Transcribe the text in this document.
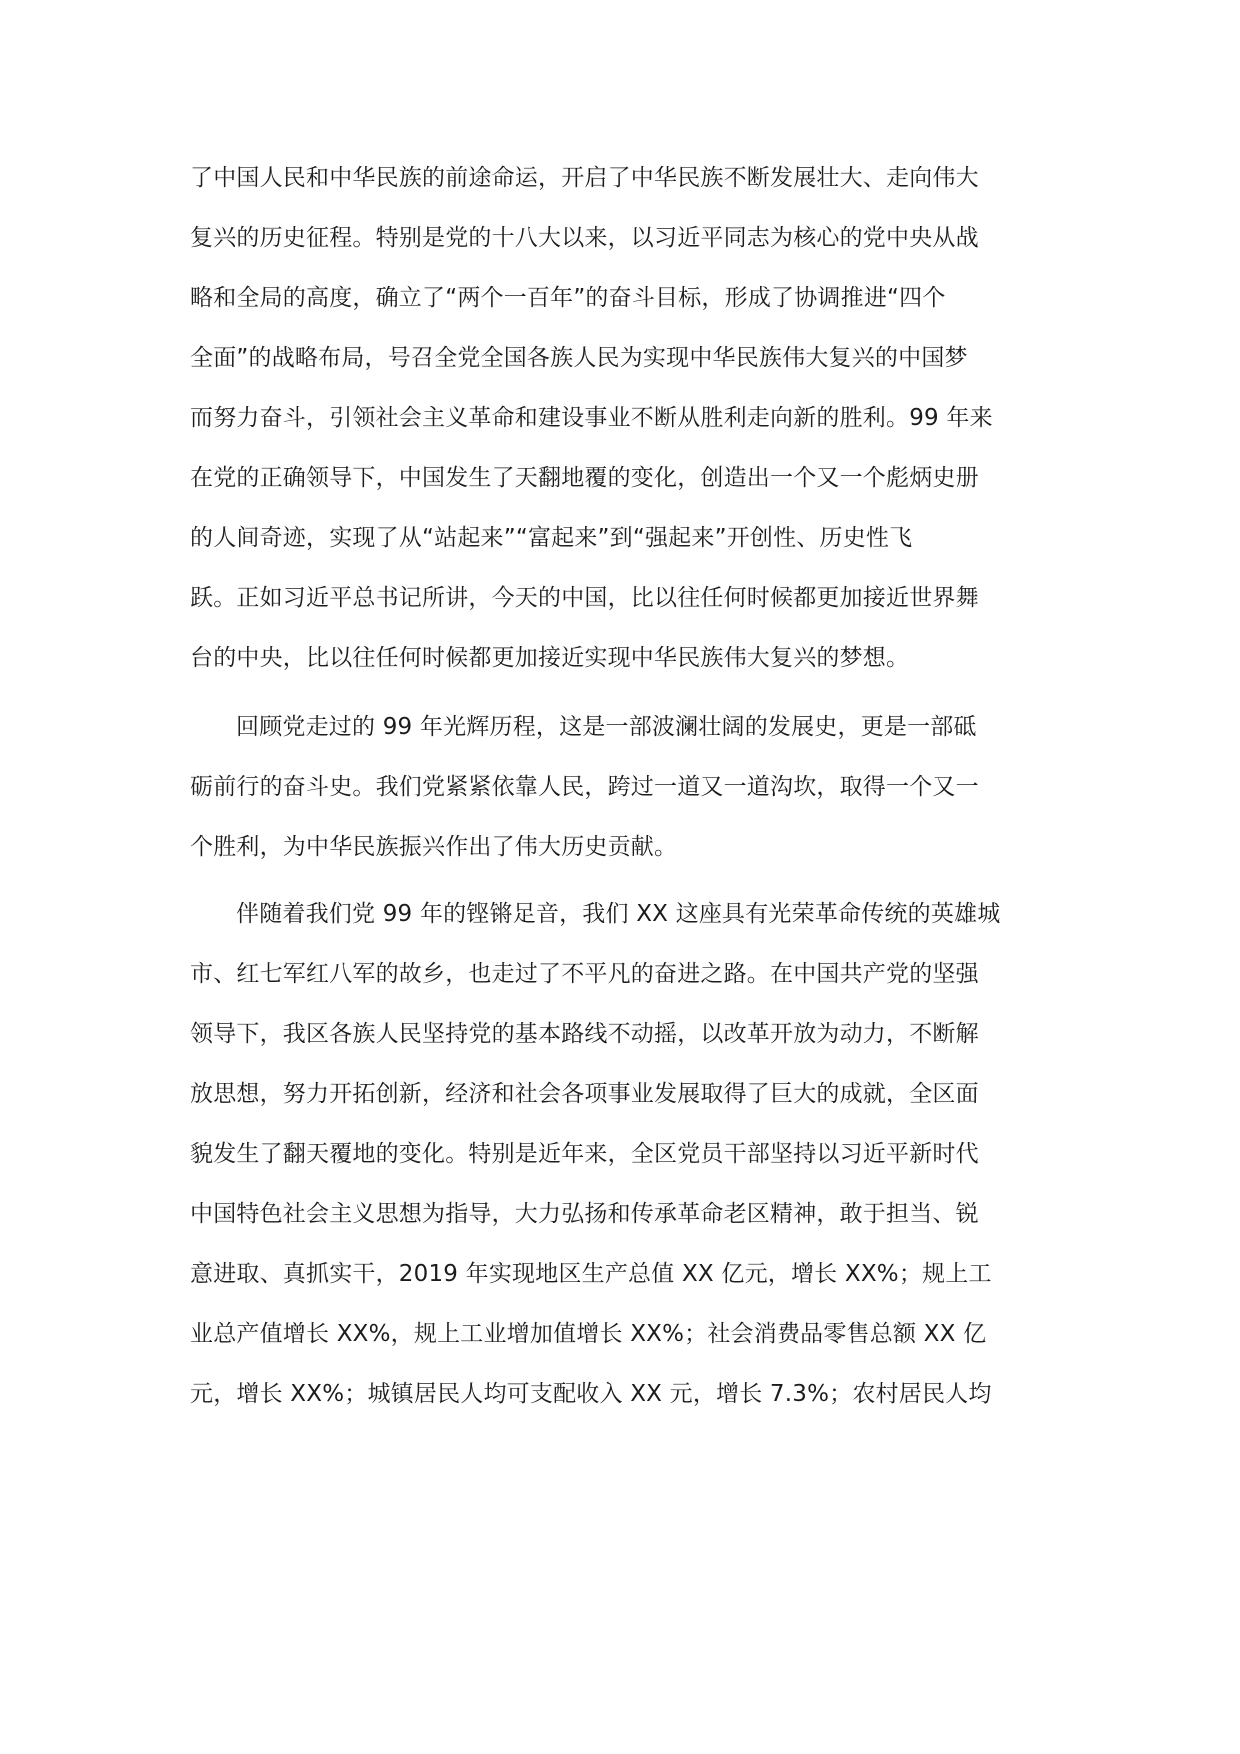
了中国人民和中华民族的前途命运，开启了中华民族不断发展壮大、走向伟大
复兴的历史征程。特别是党的十八大以来，以习近平同志为核心的党中央从战
略和全局的高度，确立了“两个一百年”的奋斗目标，形成了协调推进“四个
全面”的战略布局，号召全党全国各族人民为实现中华民族伟大复兴的中国梦
而努力奋斗，引领社会主义革命和建设事业不断从胜利走向新的胜利。99 年来
在党的正确领导下，中国发生了天翻地覆的变化，创造出一个又一个彪炳史册
的人间奇迹，实现了从“站起来”“富起来”到“强起来”开创性、历史性飞
跃。正如习近平总书记所讲，今天的中国，比以往任何时候都更加接近世界舞
台的中央，比以往任何时候都更加接近实现中华民族伟大复兴的梦想。
回顾党走过的 99 年光辉历程，这是一部波澜壮阔的发展史，更是一部砥
砺前行的奋斗史。我们党紧紧依靠人民，跨过一道又一道沟坎，取得一个又一
个胜利，为中华民族振兴作出了伟大历史贡献。
伴随着我们党 99 年的铿锵足音，我们 XX 这座具有光荣革命传统的英雄城
市、红七军红八军的故乡，也走过了不平凡的奋进之路。在中国共产党的坚强
领导下，我区各族人民坚持党的基本路线不动摇，以改革开放为动力，不断解
放思想，努力开拓创新，经济和社会各项事业发展取得了巨大的成就，全区面
貌发生了翻天覆地的变化。特别是近年来，全区党员干部坚持以习近平新时代
中国特色社会主义思想为指导，大力弘扬和传承革命老区精神，敢于担当、锐
意进取、真抓实干，2019 年实现地区生产总值 XX 亿元，增长 XX%；规上工
业总产值增长 XX%，规上工业增加值增长 XX%；社会消费品零售总额 XX 亿
元，增长 XX%；城镇居民人均可支配收入 XX 元，增长 7.3%；农村居民人均
